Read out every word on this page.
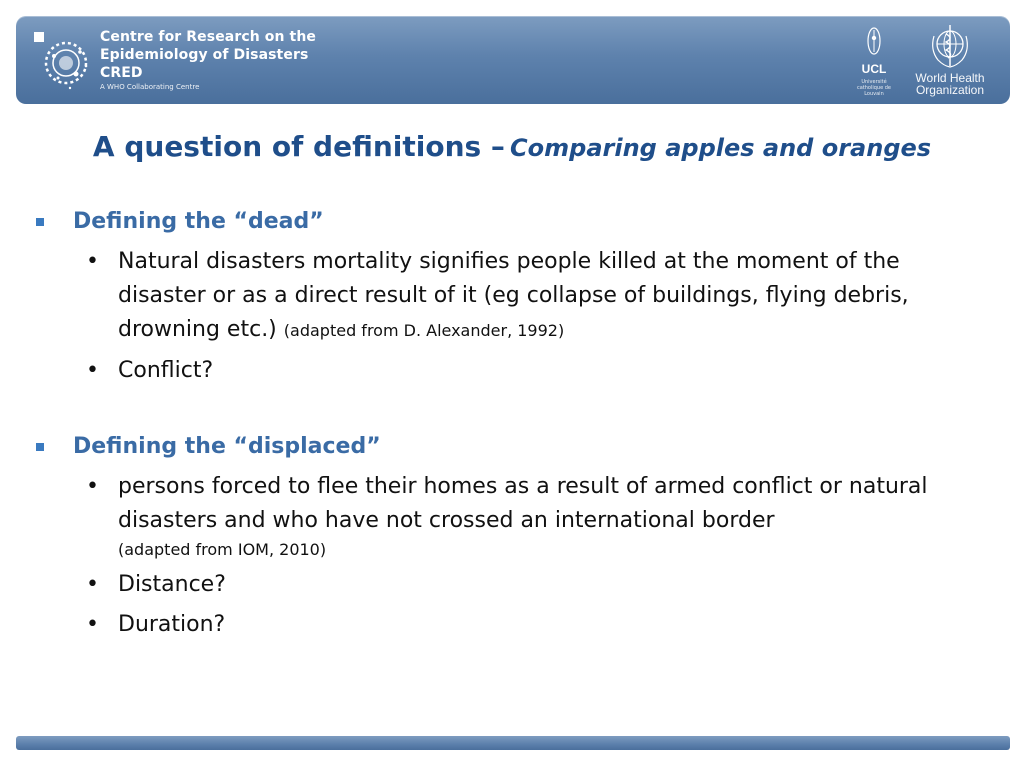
Centre for Research on the
Epidemiology of Disasters
CRED
A WHO Collaborating Centre
UCL
Université catholique de Louvain
World Health
Organization
A question of definitions – Comparing apples and oranges
Defining the “dead”
• Natural disasters mortality signifies people killed at the moment of the disaster or as a direct result of it (eg collapse of buildings, flying debris, drowning etc.) (adapted from D. Alexander, 1992)
• Conflict?
Defining the “displaced”
• persons forced to flee their homes as a result of armed conflict or natural disasters and who have not crossed an international border
(adapted from IOM, 2010)
• Distance?
• Duration?
